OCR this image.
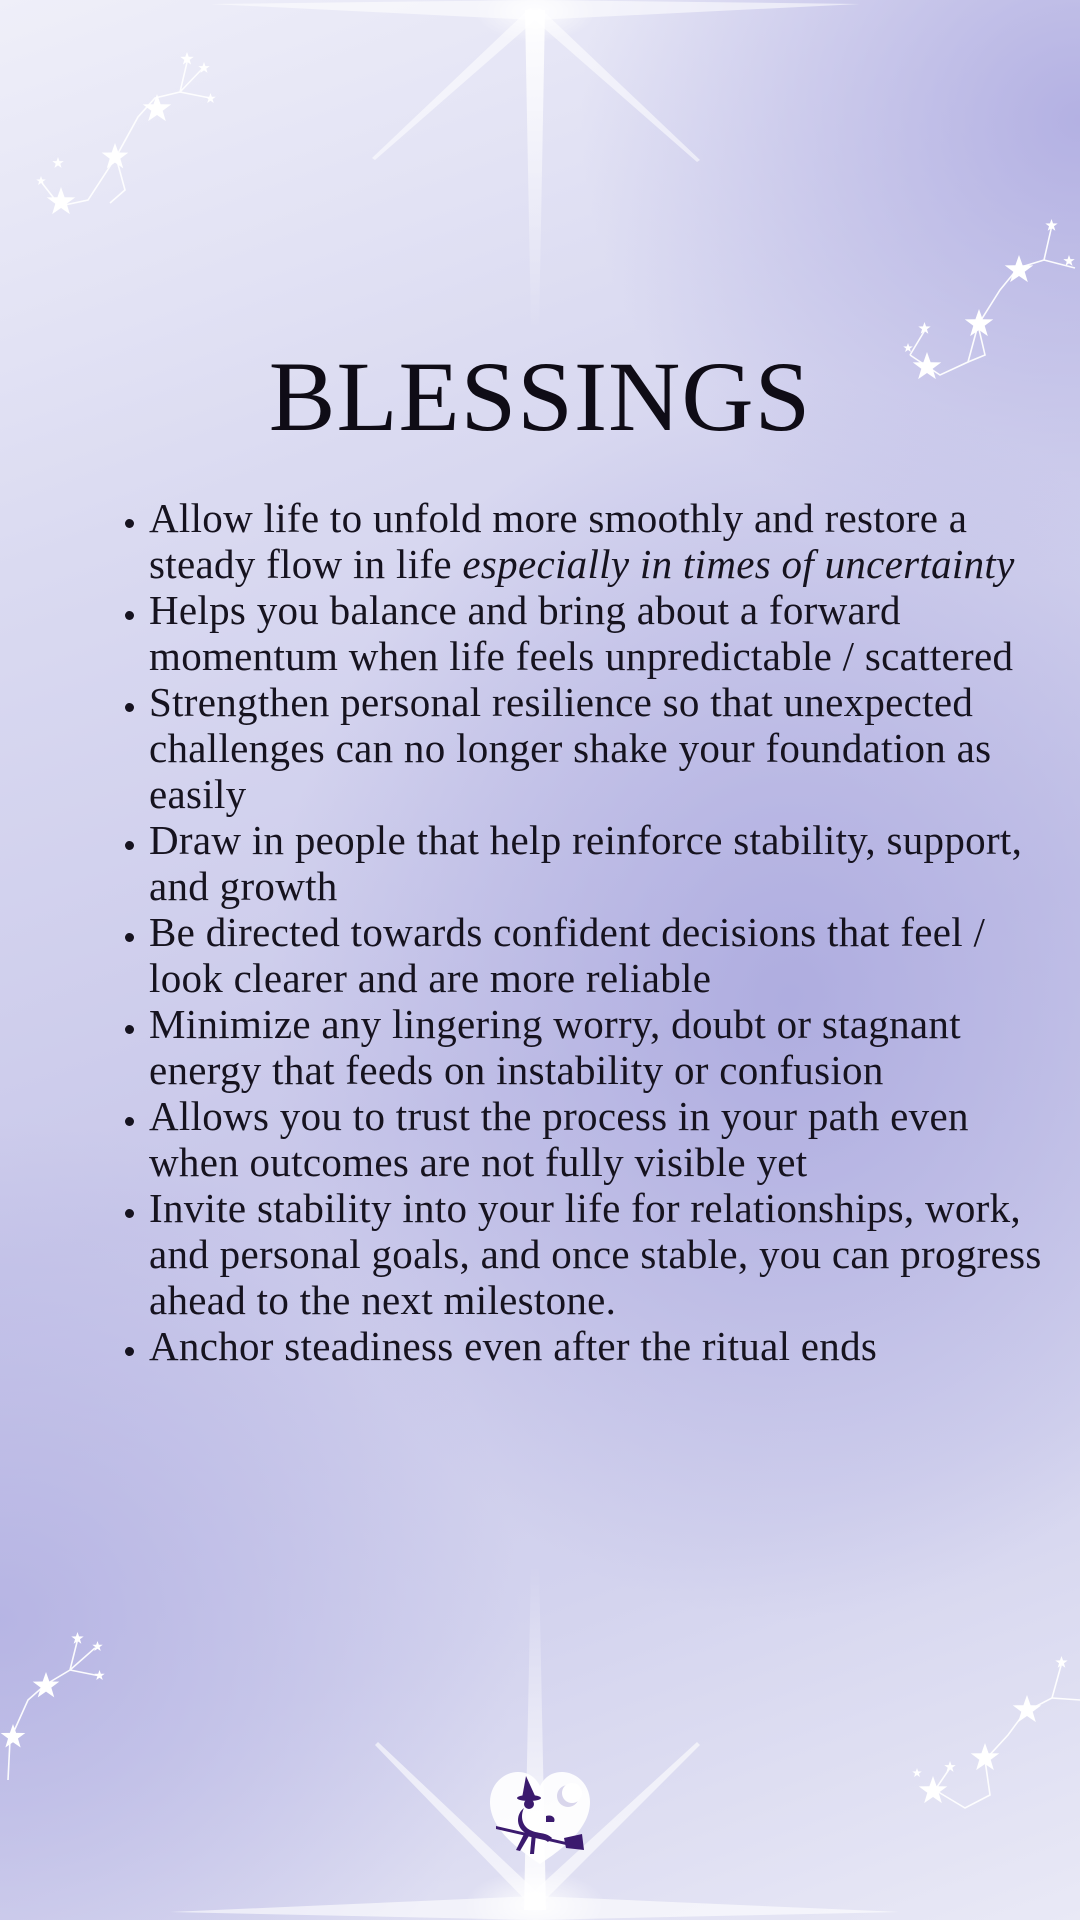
BLESSINGS
• Allow life to unfold more smoothly and restore a steady flow in life especially in times of uncertainty
• Helps you balance and bring about a forward momentum when life feels unpredictable / scattered
• Strengthen personal resilience so that unexpected challenges can no longer shake your foundation as easily
• Draw in people that help reinforce stability, support, and growth
• Be directed towards confident decisions that feel / look clearer and are more reliable
• Minimize any lingering worry, doubt or stagnant energy that feeds on instability or confusion
• Allows you to trust the process in your path even when outcomes are not fully visible yet
• Invite stability into your life for relationships, work, and personal goals, and once stable, you can progress ahead to the next milestone.
• Anchor steadiness even after the ritual ends
